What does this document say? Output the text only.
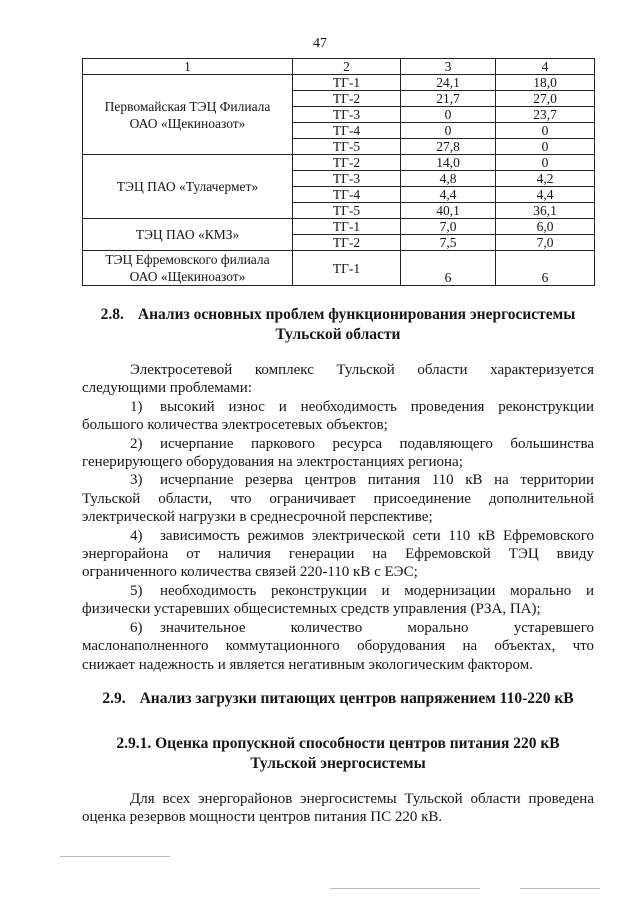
47
1	2	3	4
Первомайская ТЭЦ Филиала
ОАО «Щекиноазот»	ТГ-1	24,1	18,0
	ТГ-2	21,7	27,0
	ТГ-3	0	23,7
	ТГ-4	0	0
	ТГ-5	27,8	0
ТЭЦ ПАО «Тулачермет»	ТГ-2	14,0	0
	ТГ-3	4,8	4,2
	ТГ-4	4,4	4,4
	ТГ-5	40,1	36,1
ТЭЦ ПАО «КМЗ»	ТГ-1	7,0	6,0
	ТГ-2	7,5	7,0
ТЭЦ Ефремовского филиала
ОАО «Щекиноазот»	ТГ-1	6	6
2.8. Анализ основных проблем функционирования энергосистемы
Тульской области
Электросетевой комплекс Тульской области характеризуется
следующими проблемами:
1) высокий износ и необходимость проведения реконструкции
большого количества электросетевых объектов;
2) исчерпание паркового ресурса подавляющего большинства
генерирующего оборудования на электростанциях региона;
3) исчерпание резерва центров питания 110 кВ на территории
Тульской области, что ограничивает присоединение дополнительной
электрической нагрузки в среднесрочной перспективе;
4) зависимость режимов электрической сети 110 кВ Ефремовского
энергорайона от наличия генерации на Ефремовской ТЭЦ ввиду
ограниченного количества связей 220-110 кВ с ЕЭС;
5) необходимость реконструкции и модернизации морально и
физически устаревших общесистемных средств управления (РЗА, ПА);
6) значительное количество морально устаревшего
маслонаполненного коммутационного оборудования на объектах, что
снижает надежность и является негативным экологическим фактором.
2.9. Анализ загрузки питающих центров напряжением 110-220 кВ
2.9.1. Оценка пропускной способности центров питания 220 кВ
Тульской энергосистемы
Для всех энергорайонов энергосистемы Тульской области проведена
оценка резервов мощности центров питания ПС 220 кВ.
